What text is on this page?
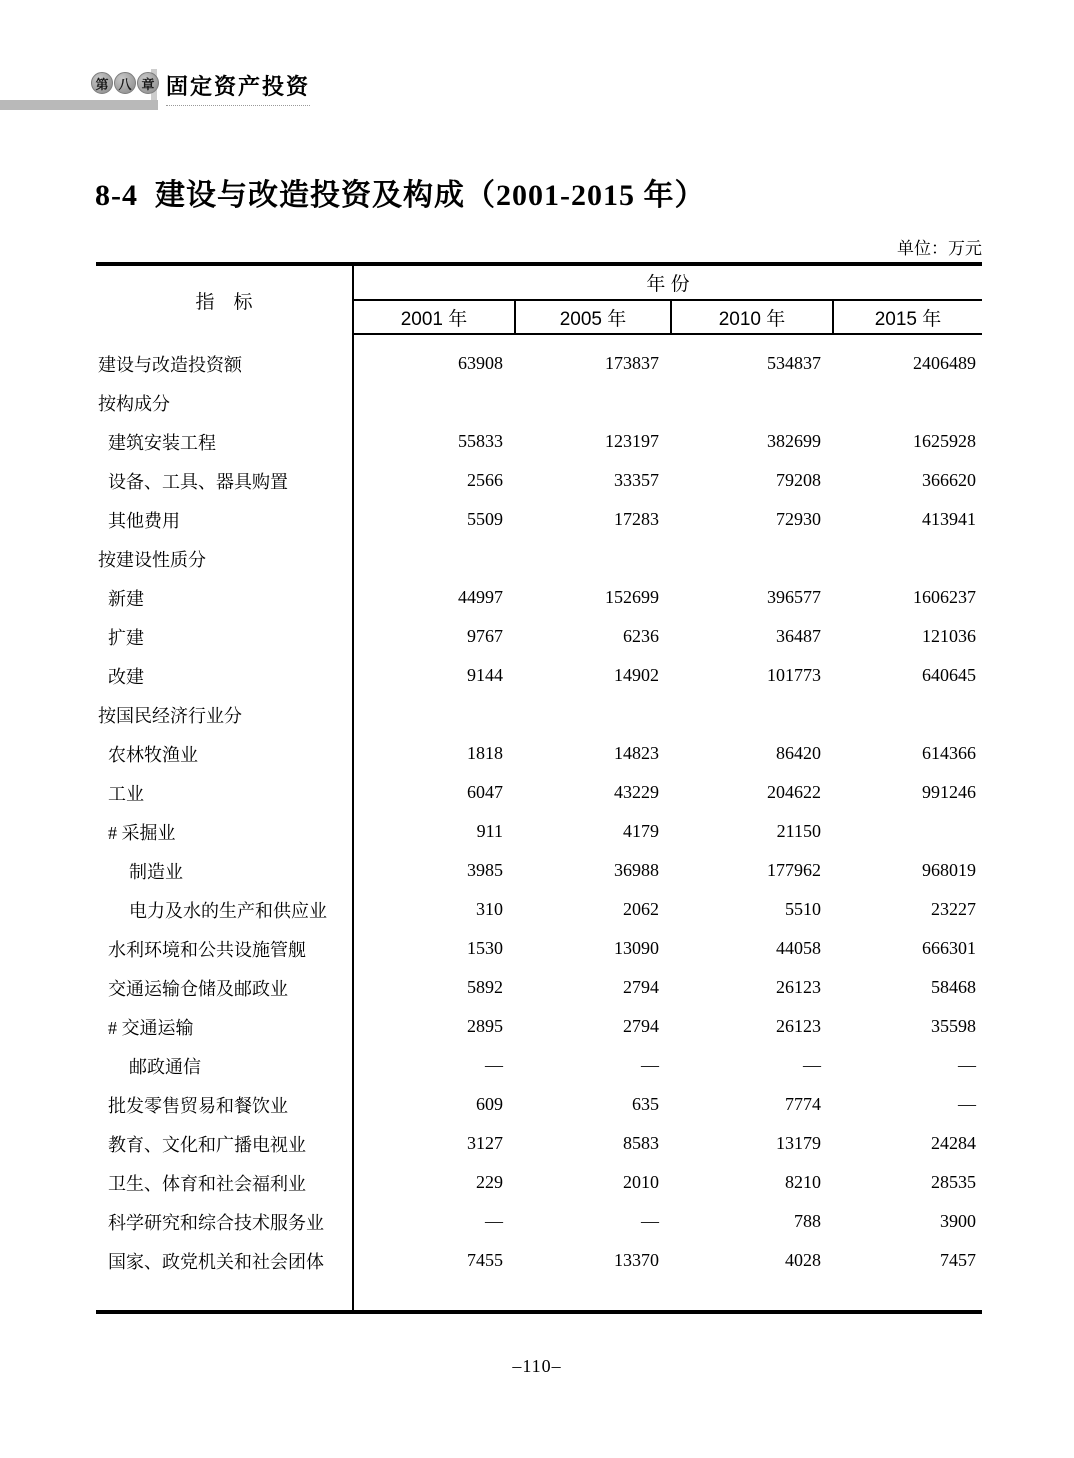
第 八 章 固定资产投资
8-4  建设与改造投资及构成（2001-2015 年）
单位：万元
指　标	年 份			
	2001 年	2005 年	2010 年	2015 年

建设与改造投资额	63908	173837	534837	2406489
按构成分				
建筑安装工程	55833	123197	382699	1625928
设备、工具、器具购置	2566	33357	79208	366620
其他费用	5509	17283	72930	413941
按建设性质分				
新建	44997	152699	396577	1606237
扩建	9767	6236	36487	121036
改建	9144	14902	101773	640645
按国民经济行业分				
农林牧渔业	1818	14823	86420	614366
工业	6047	43229	204622	991246
# 采掘业	911	4179	21150	
制造业	3985	36988	177962	968019
电力及水的生产和供应业	310	2062	5510	23227
水利环境和公共设施管舰	1530	13090	44058	666301
交通运输仓储及邮政业	5892	2794	26123	58468
# 交通运输	2895	2794	26123	35598
邮政通信	—	—	—	—
批发零售贸易和餐饮业	609	635	7774	—
教育、文化和广播电视业	3127	8583	13179	24284
卫生、体育和社会福利业	229	2010	8210	28535
科学研究和综合技术服务业	—	—	788	3900
国家、政党机关和社会团体	7455	13370	4028	7457

–110–
